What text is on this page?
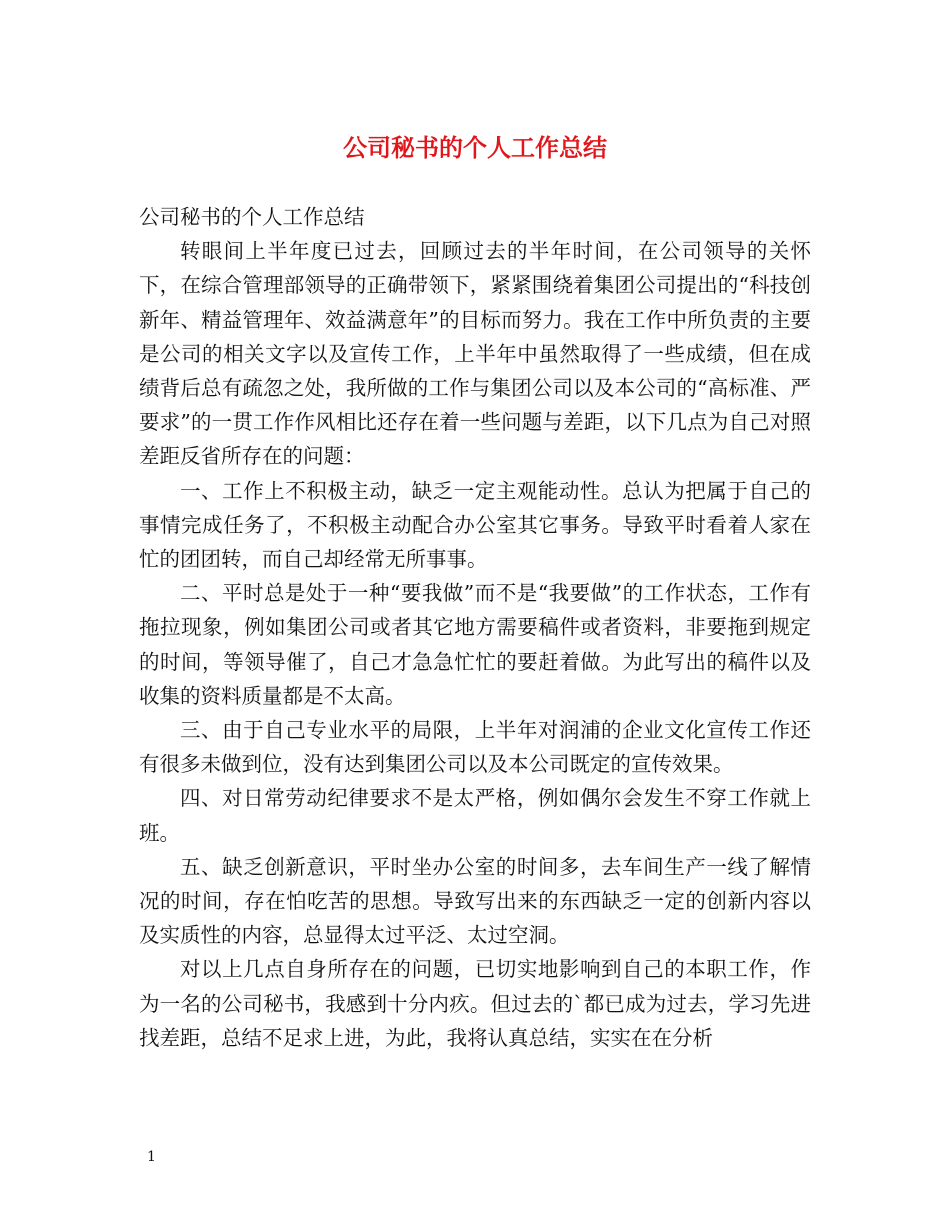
公司秘书的个人工作总结

公司秘书的个人工作总结

转眼间上半年度已过去，回顾过去的半年时间，在公司领导的关怀下，在综合管理部领导的正确带领下，紧紧围绕着集团公司提出的“科技创新年、精益管理年、效益满意年”的目标而努力。我在工作中所负责的主要是公司的相关文字以及宣传工作，上半年中虽然取得了一些成绩，但在成绩背后总有疏忽之处，我所做的工作与集团公司以及本公司的“高标准、严要求”的一贯工作作风相比还存在着一些问题与差距，以下几点为自己对照差距反省所存在的问题：

一、工作上不积极主动，缺乏一定主观能动性。总认为把属于自己的事情完成任务了，不积极主动配合办公室其它事务。导致平时看着人家在忙的团团转，而自己却经常无所事事。

二、平时总是处于一种“要我做”而不是“我要做”的工作状态，工作有拖拉现象，例如集团公司或者其它地方需要稿件或者资料，非要拖到规定的时间，等领导催了，自己才急急忙忙的要赶着做。为此写出的稿件以及收集的资料质量都是不太高。

三、由于自己专业水平的局限，上半年对润浦的企业文化宣传工作还有很多未做到位，没有达到集团公司以及本公司既定的宣传效果。

四、对日常劳动纪律要求不是太严格，例如偶尔会发生不穿工作就上班。

五、缺乏创新意识，平时坐办公室的时间多，去车间生产一线了解情况的时间，存在怕吃苦的思想。导致写出来的东西缺乏一定的创新内容以及实质性的内容，总显得太过平泛、太过空洞。

对以上几点自身所存在的问题，已切实地影响到自己的本职工作，作为一名的公司秘书，我感到十分内疚。但过去的`都已成为过去，学习先进找差距，总结不足求上进，为此，我将认真总结，实实在在分析

1
